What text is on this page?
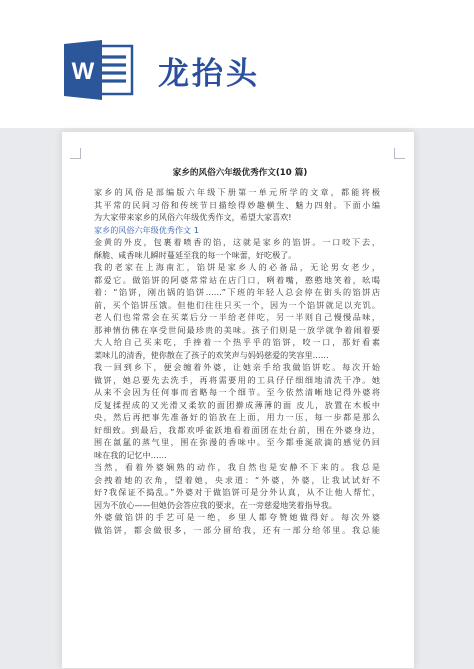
W 龙抬头
家乡的风俗六年级优秀作文(10 篇)
家乡的风俗是部编版六年级下册第一单元所学的文章，都能将极
其平常的民间习俗和传统节日描绘得妙趣横生、魅力四射。下面小编
为大家带来家乡的风俗六年级优秀作文，希望大家喜欢!
家乡的风俗六年级优秀作文 1
金黄的外皮，包裹着喷香的馅，这就是家乡的馅饼。一口咬下去，
酥脆、咸香味儿瞬时蔓延至我的每一个味蕾，好吃极了。
我的老家在上海南汇，馅饼是家乡人的必备品，无论男女老少，
都爱它。做馅饼的阿婆常常站在店门口，咧着嘴，憨憨地笑着，吆喝
着：“馅饼，刚出锅的馅饼……”下班的年轻人总会停在街头的馅饼店
前，买个馅饼压饿。但他们往往只买一个，因为一个馅饼就足以充饥。
老人们也常常会在买菜后分一半给老伴吃，另一半则自己慢慢品味，
那神情仿佛在享受世间最珍贵的美味。孩子们则是一放学就争着闹着要
大人给自己买来吃，手捧着一个热乎乎的馅饼，咬一口，那好看素
菜味儿的清香，使你散在了孩子的欢笑声与妈妈慈爱的笑容里……
我一回到乡下，便会缠着外婆，让她亲手给我做馅饼吃。每次开始
做饼，她总要先去洗手，再将需要用的工具仔仔细细地清洗干净。她
从来不会因为任何事而省略每一个细节。至今依然清晰地记得外婆将
反复揉捏成的又光滑又柔软的面团擀成薄薄的面 皮儿，放置在木板中
央，然后再把事先准备好的馅放在上面，用力一压，每一步都是那么
好细致。到最后，我都欢呼雀跃地看着面团在灶台前，围在外婆身边，
围在氤氲的蒸气里，围在弥漫的香味中。至今都垂涎欲滴的感觉仍回
味在我的记忆中……
当然，看着外婆娴熟的动作，我自然也是安静不下来的。我总是
会拽着她的衣角，望着她，央求道：“外婆，外婆，让我试试好不
好?我保证不捣乱。”外婆对于做馅饼可是分外认真，从不让他人帮忙，
因为不放心——但她仍会答应我的要求，在一旁慈爱地笑着指导我。
外婆做馅饼的手艺可是一绝，乡里人都夸赞她做得好。每次外婆
做馅饼，都会做很多，一部分留给我，还有一部分给邻里。我总能
